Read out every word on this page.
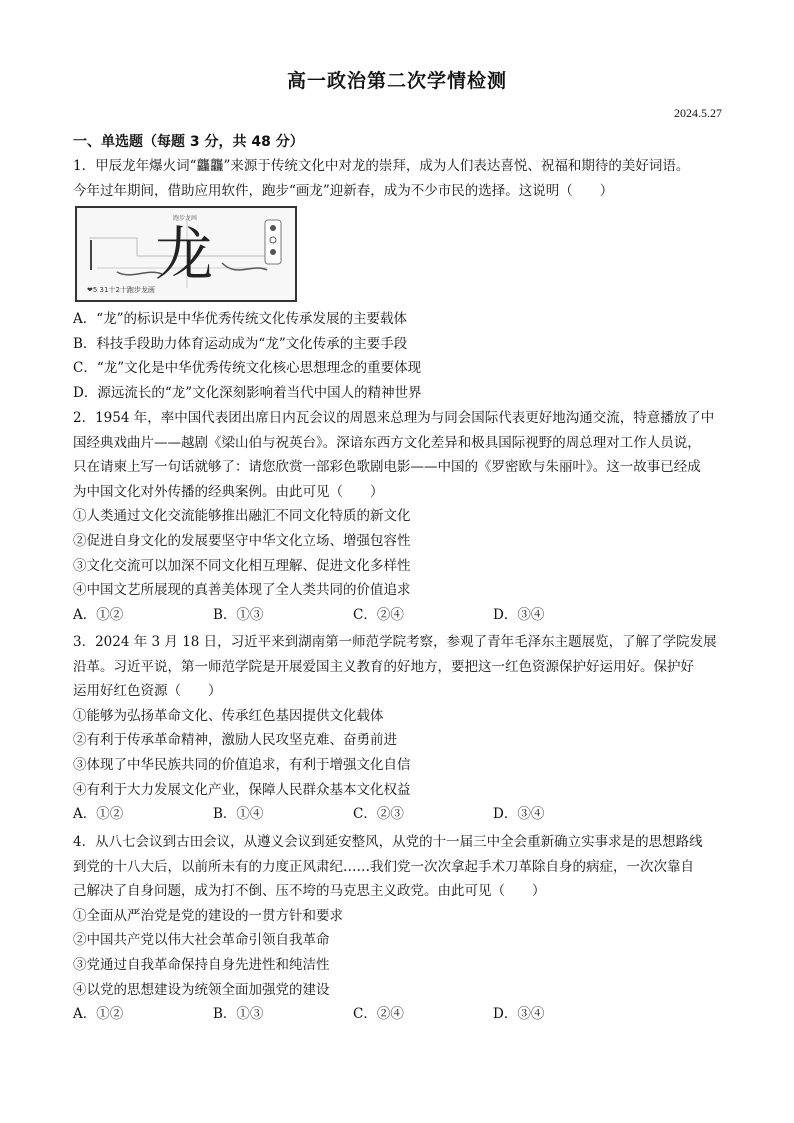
高一政治第二次学情检测
2024.5.27
一、单选题（每题 3 分，共 48 分）
1．甲辰龙年爆火词“龘龘”来源于传统文化中对龙的崇拜，成为人们表达喜悦、祝福和期待的美好词语。
今年过年期间，借助应用软件，跑步“画龙”迎新春，成为不少市民的选择。这说明（　　）
龙
跑步龙画
❤5 31十2十跑步龙画
A．“龙”的标识是中华优秀传统文化传承发展的主要载体
B．科技手段助力体育运动成为“龙”文化传承的主要手段
C．“龙”文化是中华优秀传统文化核心思想理念的重要体现
D．源远流长的“龙”文化深刻影响着当代中国人的精神世界
2．1954 年，率中国代表团出席日内瓦会议的周恩来总理为与同会国际代表更好地沟通交流，特意播放了中
国经典戏曲片——越剧《梁山伯与祝英台》。深谙东西方文化差异和极具国际视野的周总理对工作人员说，
只在请柬上写一句话就够了：请您欣赏一部彩色歌剧电影——中国的《罗密欧与朱丽叶》。这一故事已经成
为中国文化对外传播的经典案例。由此可见（　　）
①人类通过文化交流能够推出融汇不同文化特质的新文化
②促进自身文化的发展要坚守中华文化立场、增强包容性
③文化交流可以加深不同文化相互理解、促进文化多样性
④中国文艺所展现的真善美体现了全人类共同的价值追求
A．①②	B．①③	C．②④	D．③④
3．2024 年 3 月 18 日，习近平来到湖南第一师范学院考察，参观了青年毛泽东主题展览，了解了学院发展
沿革。习近平说，第一师范学院是开展爱国主义教育的好地方，要把这一红色资源保护好运用好。保护好
运用好红色资源（　　）
①能够为弘扬革命文化、传承红色基因提供文化载体
②有利于传承革命精神，激励人民攻坚克难、奋勇前进
③体现了中华民族共同的价值追求，有利于增强文化自信
④有利于大力发展文化产业，保障人民群众基本文化权益
A．①②	B．①④	C．②③	D．③④
4．从八七会议到古田会议，从遵义会议到延安整风，从党的十一届三中全会重新确立实事求是的思想路线
到党的十八大后，以前所未有的力度正风肃纪……我们党一次次拿起手术刀革除自身的病症，一次次靠自
己解决了自身问题，成为打不倒、压不垮的马克思主义政党。由此可见（　　）
①全面从严治党是党的建设的一贯方针和要求
②中国共产党以伟大社会革命引领自我革命
③党通过自我革命保持自身先进性和纯洁性
④以党的思想建设为统领全面加强党的建设
A．①②	B．①③	C．②④	D．③④
